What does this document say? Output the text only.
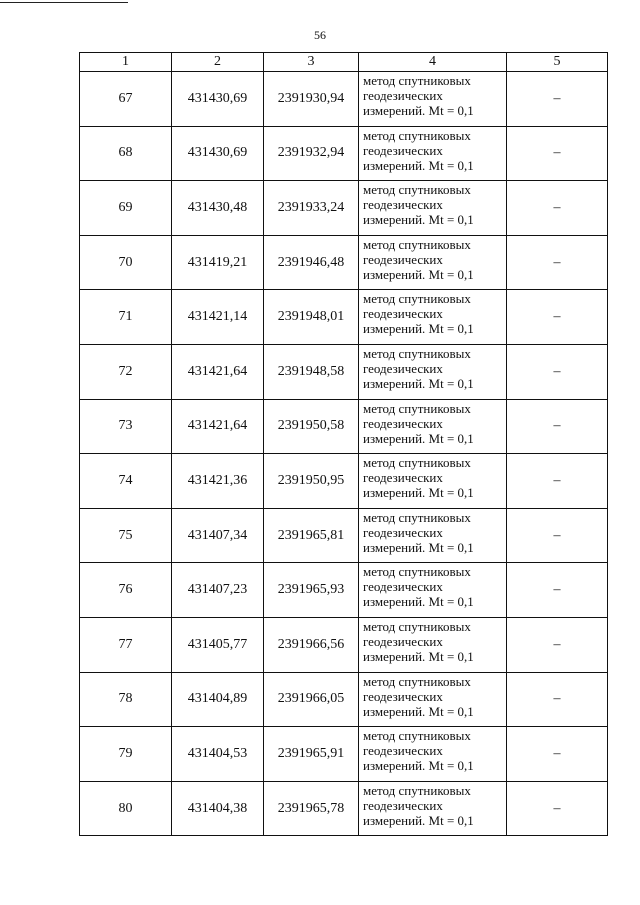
56
1	2	3	4	5
67	431430,69	2391930,94	метод спутниковых
геодезических
измерений. Mt = 0,1	–
68	431430,69	2391932,94	метод спутниковых
геодезических
измерений. Mt = 0,1	–
69	431430,48	2391933,24	метод спутниковых
геодезических
измерений. Mt = 0,1	–
70	431419,21	2391946,48	метод спутниковых
геодезических
измерений. Mt = 0,1	–
71	431421,14	2391948,01	метод спутниковых
геодезических
измерений. Mt = 0,1	–
72	431421,64	2391948,58	метод спутниковых
геодезических
измерений. Mt = 0,1	–
73	431421,64	2391950,58	метод спутниковых
геодезических
измерений. Mt = 0,1	–
74	431421,36	2391950,95	метод спутниковых
геодезических
измерений. Mt = 0,1	–
75	431407,34	2391965,81	метод спутниковых
геодезических
измерений. Mt = 0,1	–
76	431407,23	2391965,93	метод спутниковых
геодезических
измерений. Mt = 0,1	–
77	431405,77	2391966,56	метод спутниковых
геодезических
измерений. Mt = 0,1	–
78	431404,89	2391966,05	метод спутниковых
геодезических
измерений. Mt = 0,1	–
79	431404,53	2391965,91	метод спутниковых
геодезических
измерений. Mt = 0,1	–
80	431404,38	2391965,78	метод спутниковых
геодезических
измерений. Mt = 0,1	–
